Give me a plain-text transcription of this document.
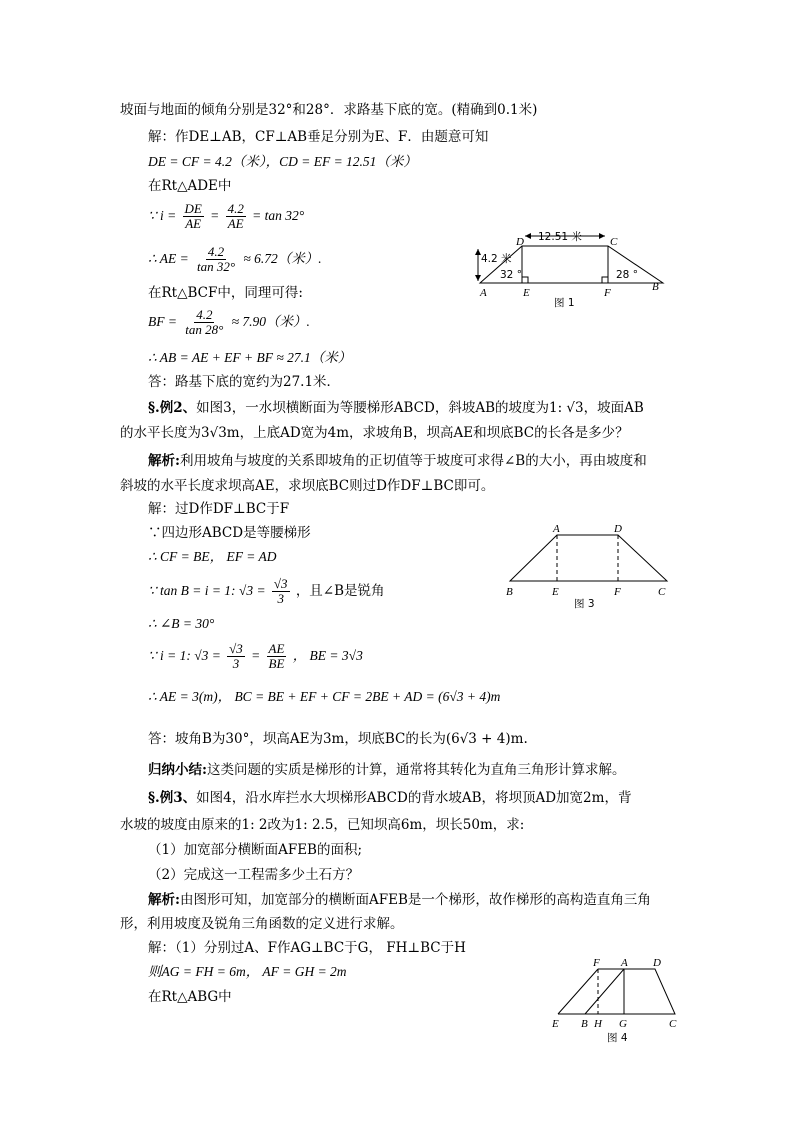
坡面与地面的倾角分别是32°和28°．求路基下底的宽。(精确到0.1米)
解：作DE⊥AB，CF⊥AB垂足分别为E、F．由题意可知
DE = CF = 4.2（米），CD = EF = 12.51（米）
在Rt△ADE中
∵ $i = \frac{DE}{AE} = \frac{4.2}{AE} = \tan 32^\circ$
∴ AE = $\frac{4.2}{\tan 32^\circ} \approx 6.72$（米）.
在Rt△BCF中，同理可得:
BF = $\frac{4.2}{\tan 28^\circ} \approx 7.90$（米）.
∴ AB = AE + EF + BF ≈ 27.1（米）
答：路基下底的宽约为27.1米．
§.例2、如图3，一水坝横断面为等腰梯形ABCD，斜坡AB的坡度为1: √3，坡面AB
的水平长度为3√3m，上底AD宽为4m，求坡角B，坝高AE和坝底BC的长各是多少？
解析:利用坡角与坡度的关系即坡角的正切值等于坡度可求得∠B的大小，再由坡度和
斜坡的水平长度求坝高AE，求坝底BC则过D作DF⊥BC即可。
解：过D作DF⊥BC于F
∵四边形ABCD是等腰梯形
∴ CF = BE， EF = AD
∵ tan B = i = 1: $√3 = \frac{√3}{3}$ ，且∠B是锐角
∴ ∠B = 30°
∵ i = 1: $√3 = \frac{√3}{3} = \frac{AE}{BE}$ ， BE = 3√3
∴ AE = 3(m)， BC = BE + EF + CF = 2BE + AD = (6√3 + 4)m
答：坡角B为30°，坝高AE为3m，坝底BC的长为(6√3 + 4)m.
归纳小结:这类问题的实质是梯形的计算，通常将其转化为直角三角形计算求解。
§.例3、如图4，沿水库拦水大坝梯形ABCD的背水坡AB，将坝顶AD加宽2m，背
水坡的坡度由原来的1: 2改为1: 2.5，已知坝高6m，坝长50m，求:
（1）加宽部分横断面AFEB的面积;
（2）完成这一工程需多少土石方？
解析:由图形可知，加宽部分的横断面AFEB是一个梯形，故作梯形的高构造直角三角
形，利用坡度及锐角三角函数的定义进行求解。
解：（1）分别过A、F作AG⊥BC于G， FH⊥BC于H
则AG = FH = 6m， AF = GH = 2m
在Rt△ABG中
12.51 米
4.2 米
32 °	28 °
D	C
A	E	F	B
图 1
A	D
B	E	F	C
图 3
F A D
E B H G	C
图 4
